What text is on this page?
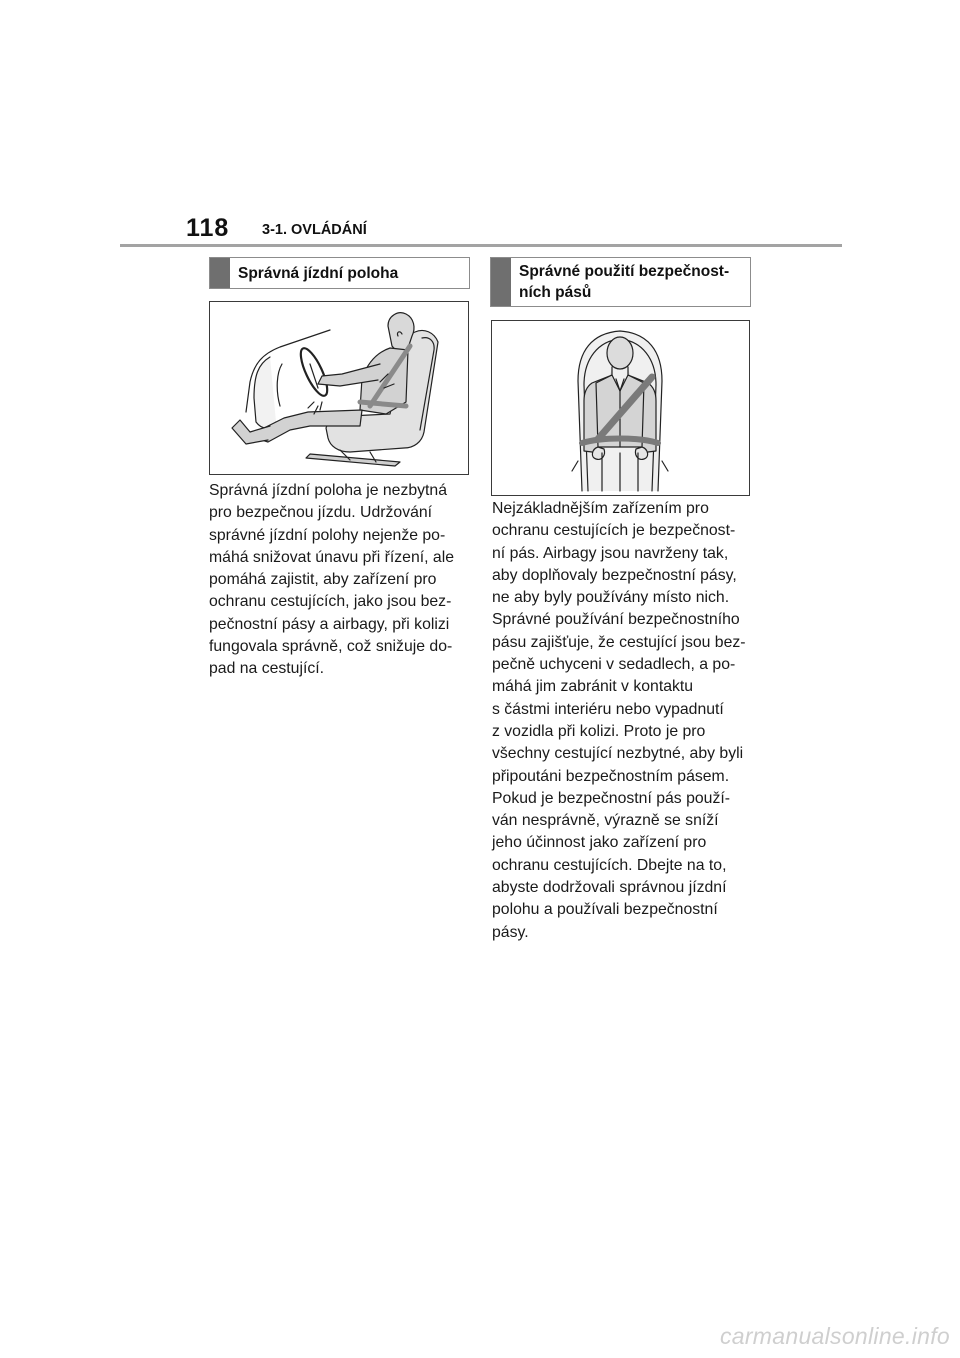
118 3-1. OVLÁDÁNÍ
Správná jízdní poloha
Správná jízdní poloha je nezbytná
pro bezpečnou jízdu. Udržování
správné jízdní polohy nejenže po-
máhá snižovat únavu při řízení, ale
pomáhá zajistit, aby zařízení pro
ochranu cestujících, jako jsou bez-
pečnostní pásy a airbagy, při kolizi
fungovala správně, což snižuje do-
pad na cestující.
Správné použití bezpečnost-
ních pásů
Nejzákladnějším zařízením pro
ochranu cestujících je bezpečnost-
ní pás. Airbagy jsou navrženy tak,
aby doplňovaly bezpečnostní pásy,
ne aby byly používány místo nich.
Správné používání bezpečnostního
pásu zajišťuje, že cestující jsou bez-
pečně uchyceni v sedadlech, a po-
máhá jim zabránit v kontaktu
s částmi interiéru nebo vypadnutí
z vozidla při kolizi. Proto je pro
všechny cestující nezbytné, aby byli
připoutáni bezpečnostním pásem.
Pokud je bezpečnostní pás použí-
ván nesprávně, výrazně se sníží
jeho účinnost jako zařízení pro
ochranu cestujících. Dbejte na to,
abyste dodržovali správnou jízdní
polohu a používali bezpečnostní
pásy.
carmanualsonline.info
